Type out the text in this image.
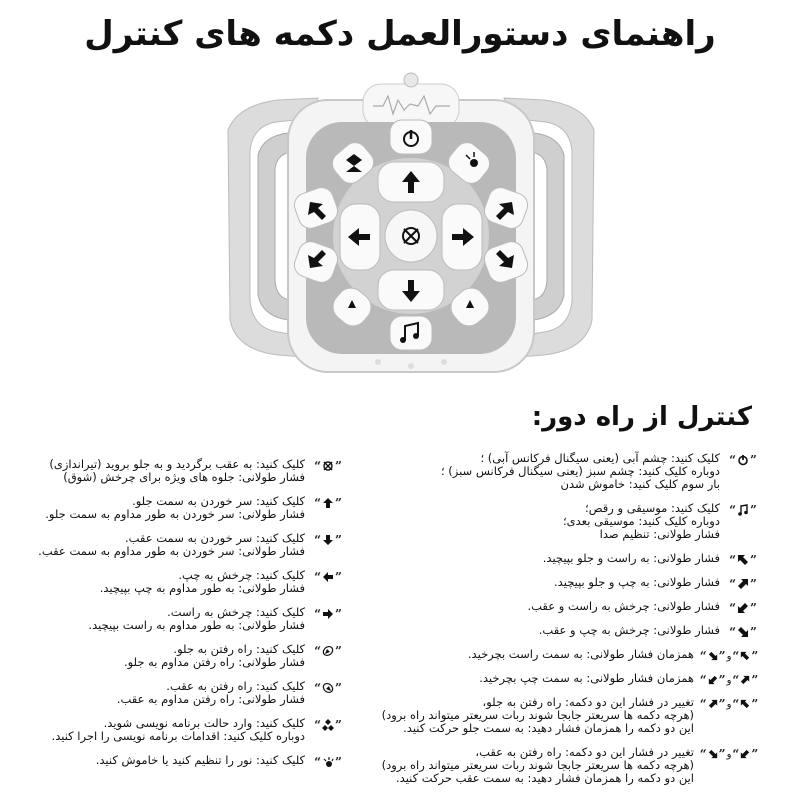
راهنمای دستورالعمل دکمه های کنترل
کنترل از راه دور:
”
“
کلیک کنید: چشم آبی (یعنی سیگنال فرکانس آبی) ؛
دوباره کلیک کنید: چشم سبز (یعنی سیگنال فرکانس سبز) ؛
بار سوم کلیک کنید: خاموش شدن
”
“
کلیک کنید: موسیقی و رقص؛
دوباره کلیک کنید: موسیقی بعدی؛
فشار طولانی: تنظیم صدا
”
“
فشار طولانی: به راست و جلو بپیچید.
”
“
فشار طولانی: به چپ و جلو بپیچید.
”
“
فشار طولانی: چرخش به راست و عقب.
”
“
فشار طولانی: چرخش به چپ و عقب.
”
“
و
”
“
همزمان فشار طولانی: به سمت راست بچرخید.
”
“
و
”
“
همزمان فشار طولانی: به سمت چپ بچرخید.
”
“
و
”
“
تغییر در فشار این دو دکمه: راه رفتن به جلو،
(هرچه دکمه ها سریعتر جابجا شوند ربات سریعتر میتواند راه برود)
این دو دکمه را همزمان فشار دهید: به سمت جلو حرکت کنید.
”
“
و
”
“
تغییر در فشار این دو دکمه: راه رفتن به عقب،
(هرچه دکمه ها سریعتر جابجا شوند ربات سریعتر میتواند راه برود)
این دو دکمه را همزمان فشار دهید: به سمت عقب حرکت کنید.
”
“
کلیک کنید: به عقب برگردید و به جلو بروید (تیراندازی)
فشار طولانی: جلوه های ویژه برای چرخش (شوق)
”
“
کلیک کنید: سر خوردن به سمت جلو.
فشار طولانی: سر خوردن به طور مداوم به سمت جلو.
”
“
کلیک کنید: سر خوردن به سمت عقب.
فشار طولانی: سر خوردن به طور مداوم به سمت عقب.
”
“
کلیک کنید: چرخش به چپ.
فشار طولانی: به طور مداوم به چپ بپیچید.
”
“
کلیک کنید: چرخش به راست.
فشار طولانی: به طور مداوم به راست بپیچید.
”
“
کلیک کنید: راه رفتن به جلو.
فشار طولانی: راه رفتن مداوم به جلو.
”
“
کلیک کنید: راه رفتن به عقب.
فشار طولانی: راه رفتن مداوم به عقب.
”
“
کلیک کنید: وارد حالت برنامه نویسی شوید.
دوباره کلیک کنید: اقدامات برنامه نویسی را اجرا کنید.
”
“
کلیک کنید: نور را تنظیم کنید یا خاموش کنید.
